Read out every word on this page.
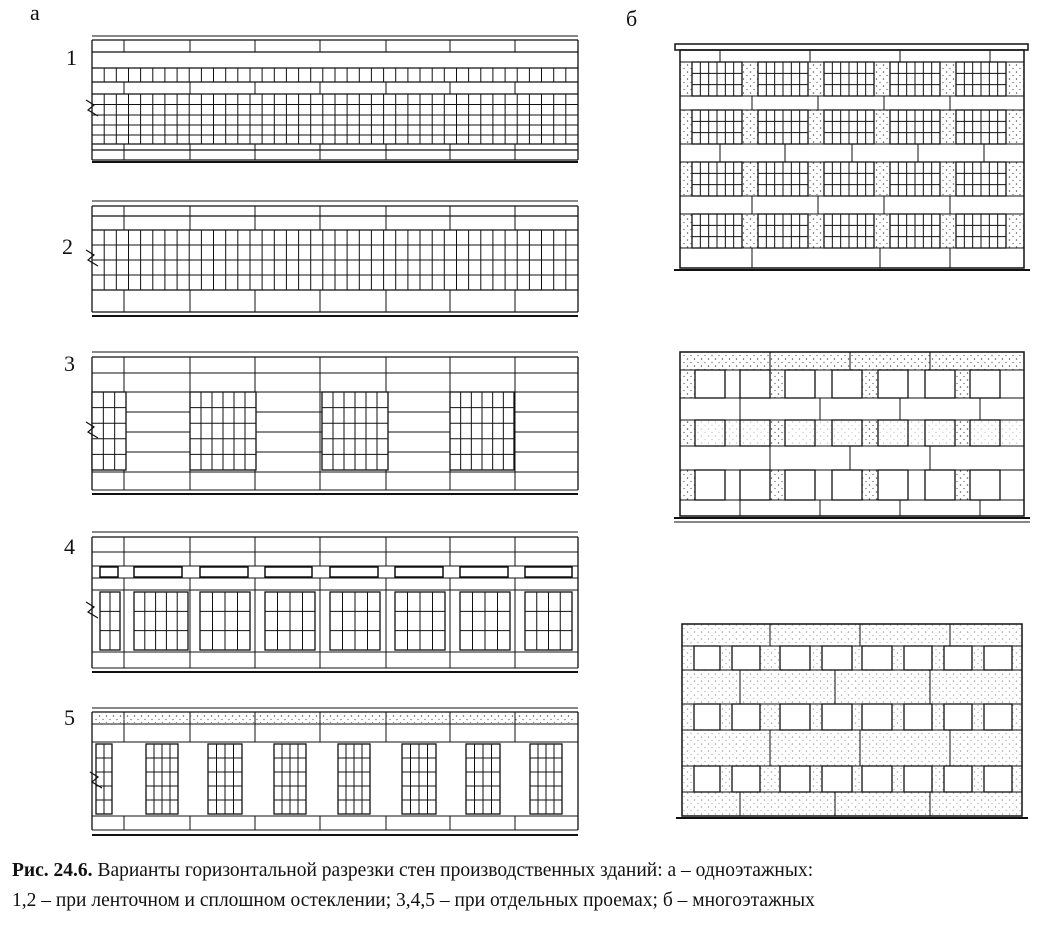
а	б
1
2
3
4
5
Рис. 24.6. Варианты горизонтальной разрезки стен производственных зданий: а – одноэтажных:
1,2 – при ленточном и сплошном остеклении; 3,4,5 – при отдельных проемах; б – многоэтажных
